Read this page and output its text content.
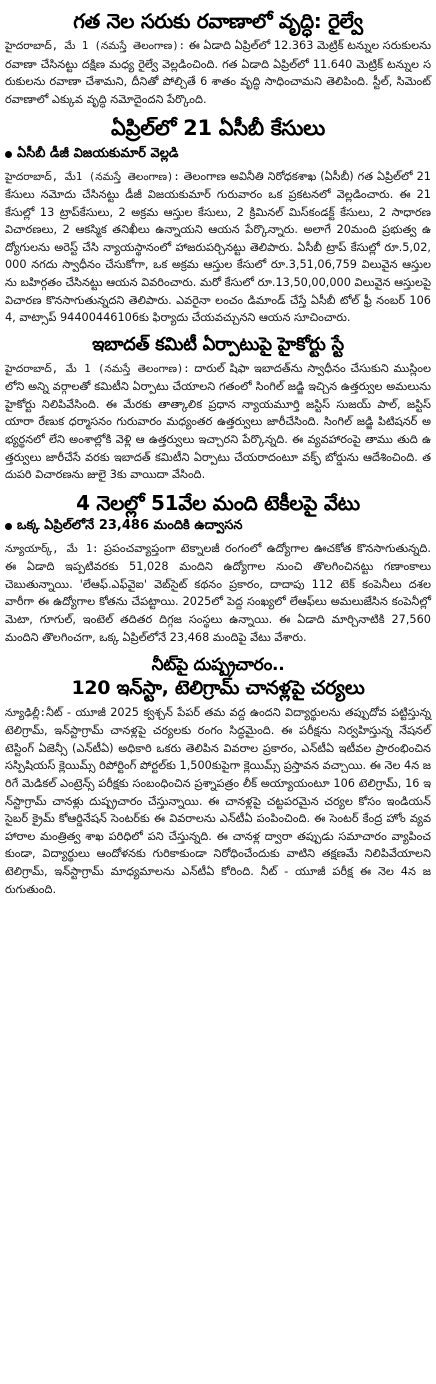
గత నెల సరుకు రవాణాలో వృద్ధి: రైల్వే

హైదరాబాద్, మే 1 (నమస్తే తెలంగాణ): ఈ ఏడాది ఏప్రిల్‌లో 12.363 మెట్రిక్ టన్నుల సరుకులను రవాణా చేసినట్టు దక్షిణ మధ్య రైల్వే వెల్లడించింది. గత ఏడాది ఏప్రిల్‌లో 11.640 మెట్రిక్ టన్నుల సరుకులను రవాణా చేశామని, దీనితో పోల్చితే 6 శాతం వృద్ధి సాధించామని తెలిపింది. స్టీల్, సిమెంట్ రవాణాలో ఎక్కువ వృద్ధి నమోదైందని పేర్కొంది.

ఏప్రిల్‌లో 21 ఏసీబీ కేసులు
ఏసీబీ డీజీ విజయకుమార్ వెల్లడి

హైదరాబాద్, మే1 (నమస్తే తెలంగాణ): తెలంగాణ అవినీతి నిరోధకశాఖ (ఏసీబీ) గత ఏప్రిల్‌లో 21కేసులు నమోదు చేసినట్టు డీజీ విజయకుమార్ గురువారం ఒక ప్రకటనలో వెల్లడించారు. ఈ 21 కేసుల్లో 13 ట్రాప్‌కేసులు, 2 అక్రమ ఆస్తుల కేసులు, 2 క్రిమినల్ మిస్‌కండక్ట్ కేసులు, 2 సాధారణ విచారణలు, 2 ఆకస్మిక తనిఖీలు ఉన్నాయని ఆయన పేర్కొన్నారు. అలాగే 20మంది ప్రభుత్వ ఉద్యోగులను అరెస్ట్ చేసి న్యాయస్థానంలో హాజరుపర్చినట్టు తెలిపారు. ఏసీబీ ట్రాప్ కేసుల్లో రూ.5,02,000 నగదు స్వాధీనం చేసుకోగా, ఒక అక్రమ ఆస్తుల కేసులో రూ.3,51,06,759 విలువైన ఆస్తులను బహిర్గతం చేసినట్టు ఆయన వివరించారు. మరో కేసులో రూ.13,50,00,000 విలువైన ఆస్తులపై విచారణ కొనసాగుతున్నదని తెలిపారు. ఎవరైనా లంచం డిమాండ్ చేస్తే ఏసీబీ టోల్ ఫ్రీ నంబర్ 1064, వాట్సాప్ 9440044610‌6కు ఫిర్యాదు చేయవచ్చునని ఆయన సూచించారు.

ఇబాదత్ కమిటీ ఏర్పాటుపై హైకోర్టు స్టే

హైదరాబాద్, మే 1 (నమస్తే తెలంగాణ): దారుల్ షిఫా ఇబాదత్‌ను స్వాధీనం చేసుకుని ముస్లింలలోని అన్ని వర్గాలతో కమిటీని ఏర్పాటు చేయాలని గతంలో సింగిల్ జడ్జి ఇచ్చిన ఉత్తర్వుల అమలును హైకోర్టు నిలిపివేసింది. ఈ మేరకు తాత్కాలిక ప్రధాన న్యాయమూర్తి జస్టిస్ సుజయ్ పాల్, జస్టిస్ యారా రేణుక ధర్మాసనం గురువారం మధ్యంతర ఉత్తర్వులు జారీచేసింది. సింగిల్ జడ్జి పిటిషనర్ అభ్యర్థనలో లేని అంశాల్లోకి వెళ్లి ఆ ఉత్తర్వులు ఇచ్చారని పేర్కొన్నది. ఈ వ్యవహారంపై తాము తుది ఉత్తర్వులు జారీచేసే వరకు ఇబాదత్ కమిటీని ఏర్పాటు చేయరాదంటూ వక్ఫ్ బోర్డును ఆదేశించింది. తదుపరి విచారణను జులై 3కు వాయిదా వేసింది.

4 నెలల్లో 51వేల మంది టెకీలపై వేటు
ఒక్క ఏప్రిల్‌లోనే 23,486 మందికి ఉద్వాసన

న్యూయార్క్, మే 1: ప్రపంచవ్యాప్తంగా టెక్నాలజీ రంగంలో ఉద్యోగాల ఊచకోత కొనసాగుతున్నది. ఈ ఏడాది ఇప్పటివరకు 51,028 మందిని ఉద్యోగాల నుంచి తొలగించినట్టు గణాంకాలు చెబుతున్నాయి. 'లేఆఫ్.ఎఫ్‌వైఐ' వెబ్‌సైట్ కథనం ప్రకారం, దాదాపు 112 టెక్ కంపెనీలు దశల వారీగా ఈ ఉద్యోగాల కోతను చేపట్టాయి. 2025లో పెద్ద సంఖ్యలో లేఆఫ్‌లు అమలుజేసిన కంపెనీల్లో మెటా, గూగుల్, ఇంటెల్ తదితర దిగ్గజ సంస్థలు ఉన్నాయి. ఈ ఏడాది మార్చినాటికి 27,560 మందిని తొలగించగా, ఒక్క ఏప్రిల్‌లోనే 23,468 మందిపై వేటు వేశారు.

నీట్‌పై దుష్ప్రచారం..
120 ఇన్‌స్టా, టెలిగ్రామ్ చానళ్లపై చర్యలు

న్యూఢిల్లీ:నీట్ - యూజీ 2025 క్వశ్చన్ పేపర్ తమ వద్ద ఉందని విద్యార్థులను తప్పుదోవ పట్టిస్తున్న టెలిగ్రామ్, ఇన్‌స్టాగ్రామ్ చానళ్లపై చర్యలకు రంగం సిద్ధమైంది. ఈ పరీక్షను నిర్వహిస్తున్న నేషనల్ టెస్టింగ్ ఏజెన్సీ (ఎన్‌టీఏ) అధికారి ఒకరు తెలిపిన వివరాల ప్రకారం, ఎన్‌టీఏ ఇటీవల ప్రారంభించిన సస్పిషియస్ క్లెయిమ్స్ రిపోర్టింగ్ పోర్టల్‌కు 1,500కుపైగా క్లెయిమ్స్ ప్రస్తావన వచ్చాయి. ఈ నెల 4న జరిగే మెడికల్ ఎంట్రెన్స్ పరీక్షకు సంబంధించిన ప్రశ్నాపత్రం లీక్ అయ్యాయంటూ 106 టెలిగ్రామ్, 16 ఇన్‌స్టాగ్రామ్ చానళ్లు దుష్ప్రచారం చేస్తున్నాయి. ఈ చానళ్లపై చట్టపరమైన చర్యల కోసం ఇండియన్ సైబర్ క్రైమ్ కోఆర్డినేషన్ సెంటర్‌కు ఈ వివరాలను ఎన్‌టీఏ పంపించింది. ఈ సెంటర్ కేంద్ర హోం వ్యవహారాల మంత్రిత్వ శాఖ పరిధిలో పని చేస్తున్నది. ఈ చానళ్ల ద్వారా తప్పుడు సమాచారం వ్యాపించకుండా, విద్యార్థులు ఆందోళనకు గురికాకుండా నిరోధించేందుకు వాటిని తక్షణమే నిలిపివేయాలని టెలిగ్రామ్, ఇన్‌స్టాగ్రామ్ మాధ్యమాలను ఎన్‌టీఏ కోరింది. నీట్ - యూజీ పరీక్ష ఈ నెల 4న జరుగుతుంది.
